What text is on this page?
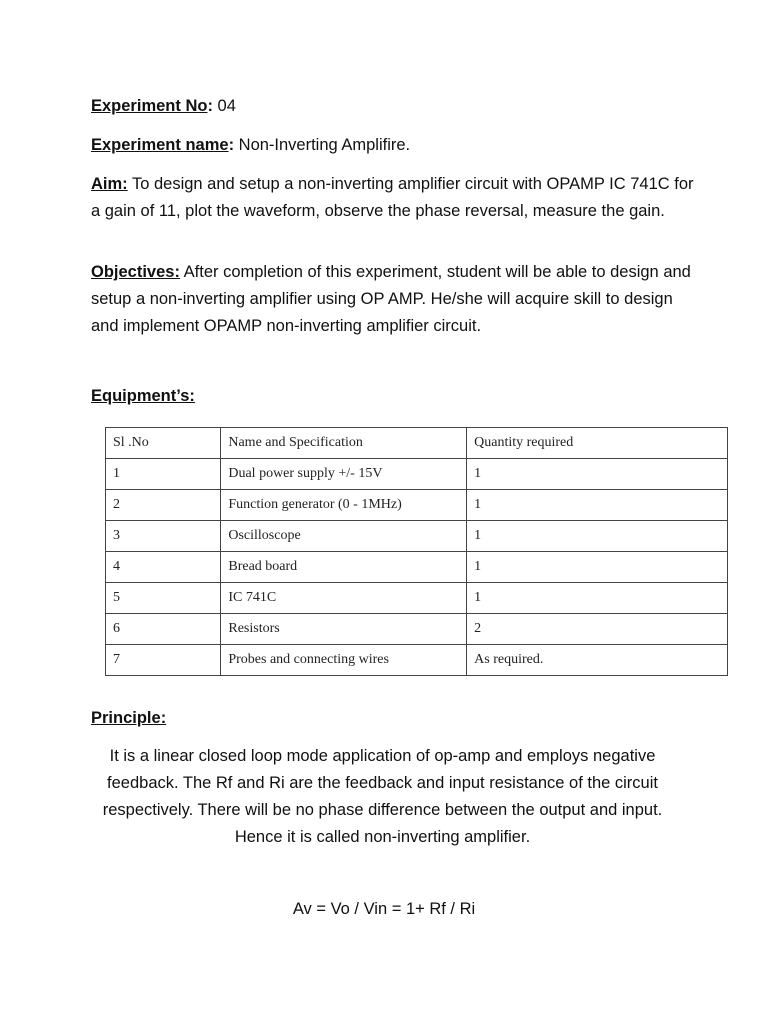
Experiment No: 04

Experiment name: Non-Inverting Amplifire.

Aim: To design and setup a non-inverting amplifier circuit with OPAMP IC 741C for a gain of 11, plot the waveform, observe the phase reversal, measure the gain.

Objectives: After completion of this experiment, student will be able to design and setup a non-inverting amplifier using OP AMP. He/she will acquire skill to design and implement OPAMP non-inverting amplifier circuit.

Equipment’s:

Sl .No	Name and Specification	Quantity required
1	Dual power supply +/- 15V	1
2	Function generator (0 - 1MHz)	1
3	Oscilloscope	1
4	Bread board	1
5	IC 741C	1
6	Resistors	2
7	Probes and connecting wires	As required.

Principle:

It is a linear closed loop mode application of op-amp and employs negative feedback. The Rf and Ri are the feedback and input resistance of the circuit respectively. There will be no phase difference between the output and input. Hence it is called non-inverting amplifier.

Av = Vo / Vin = 1+ Rf / Ri
